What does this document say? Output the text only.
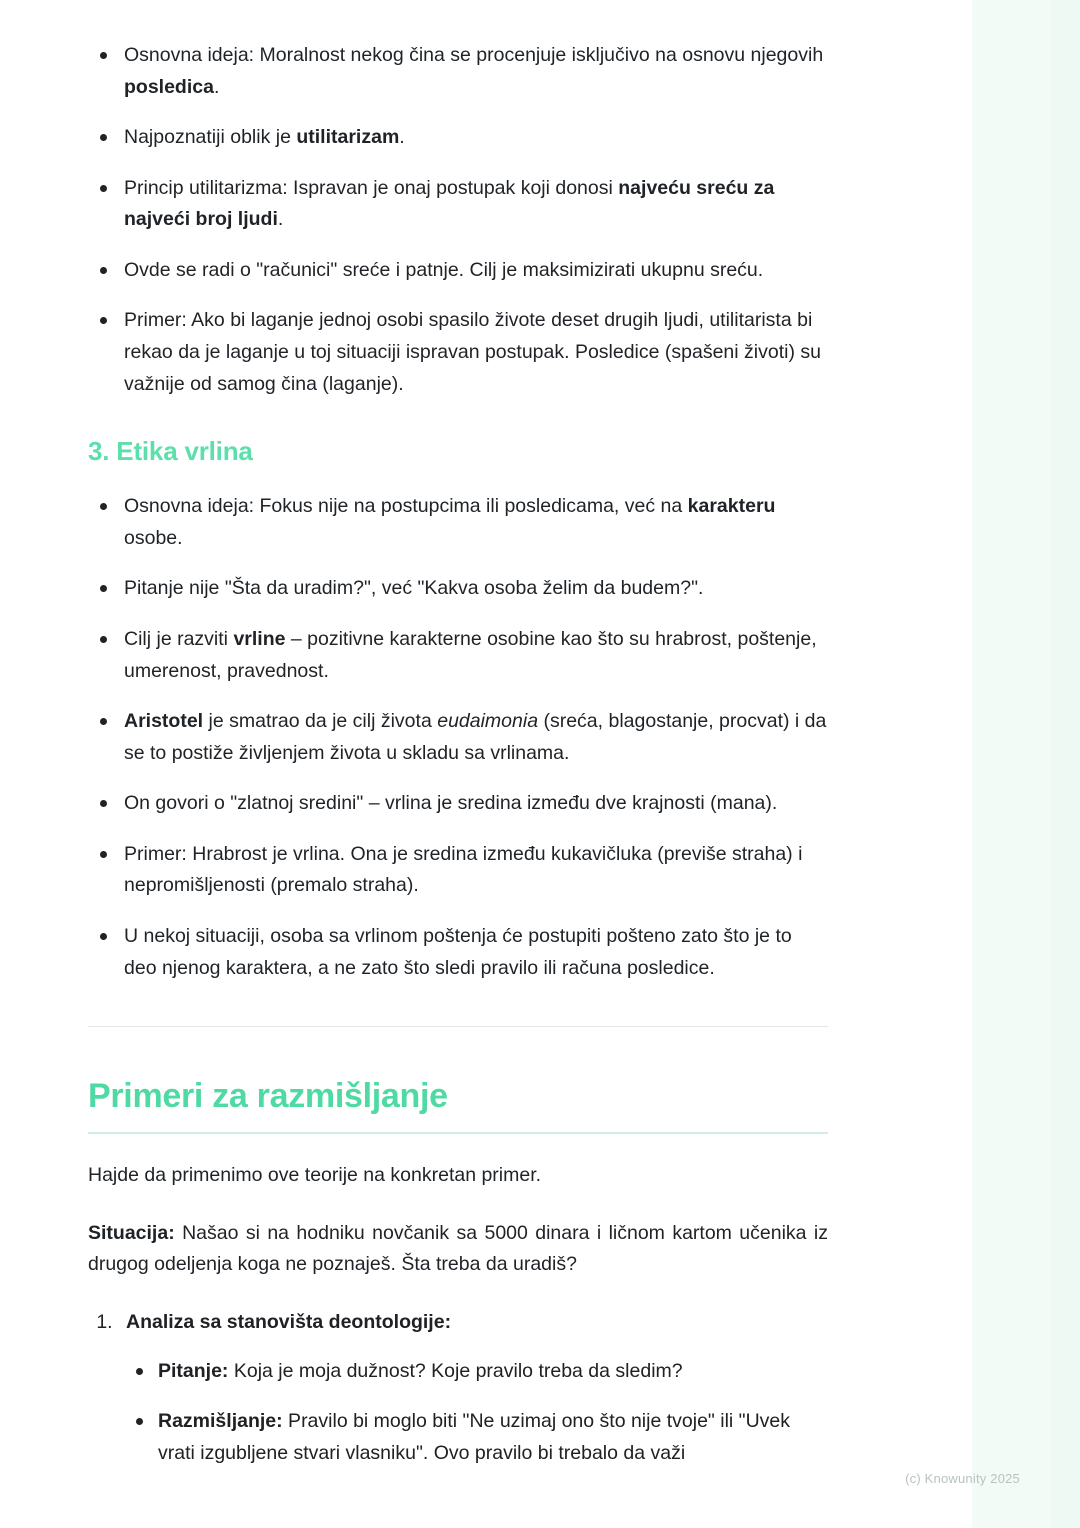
Osnovna ideja: Moralnost nekog čina se procenjuje isključivo na osnovu njegovih posledica.
Najpoznatiji oblik je utilitarizam.
Princip utilitarizma: Ispravan je onaj postupak koji donosi najveću sreću za najveći broj ljudi.
Ovde se radi o "računici" sreće i patnje. Cilj je maksimizirati ukupnu sreću.
Primer: Ako bi laganje jednoj osobi spasilo živote deset drugih ljudi, utilitarista bi rekao da je laganje u toj situaciji ispravan postupak. Posledice (spašeni životi) su važnije od samog čina (laganje).
3. Etika vrlina
Osnovna ideja: Fokus nije na postupcima ili posledicama, već na karakteru osobe.
Pitanje nije "Šta da uradim?", već "Kakva osoba želim da budem?".
Cilj je razviti vrline – pozitivne karakterne osobine kao što su hrabrost, poštenje, umerenost, pravednost.
Aristotel je smatrao da je cilj života eudaimonia (sreća, blagostanje, procvat) i da se to postiže življenjem života u skladu sa vrlinama.
On govori o "zlatnoj sredini" – vrlina je sredina između dve krajnosti (mana).
Primer: Hrabrost je vrlina. Ona je sredina između kukavičluka (previše straha) i nepromišljenosti (premalo straha).
U nekoj situaciji, osoba sa vrlinom poštenja će postupiti pošteno zato što je to deo njenog karaktera, a ne zato što sledi pravilo ili računa posledice.
Primeri za razmišljanje

Hajde da primenimo ove teorije na konkretan primer.

Situacija: Našao si na hodniku novčanik sa 5000 dinara i ličnom kartom učenika iz drugog odeljenja koga ne poznaješ. Šta treba da uradiš?

1. Analiza sa stanovišta deontologije:
Pitanje: Koja je moja dužnost? Koje pravilo treba da sledim?
Razmišljanje: Pravilo bi moglo biti "Ne uzimaj ono što nije tvoje" ili "Uvek vrati izgubljene stvari vlasniku". Ovo pravilo bi trebalo da važi
(c) Knowunity 2025
